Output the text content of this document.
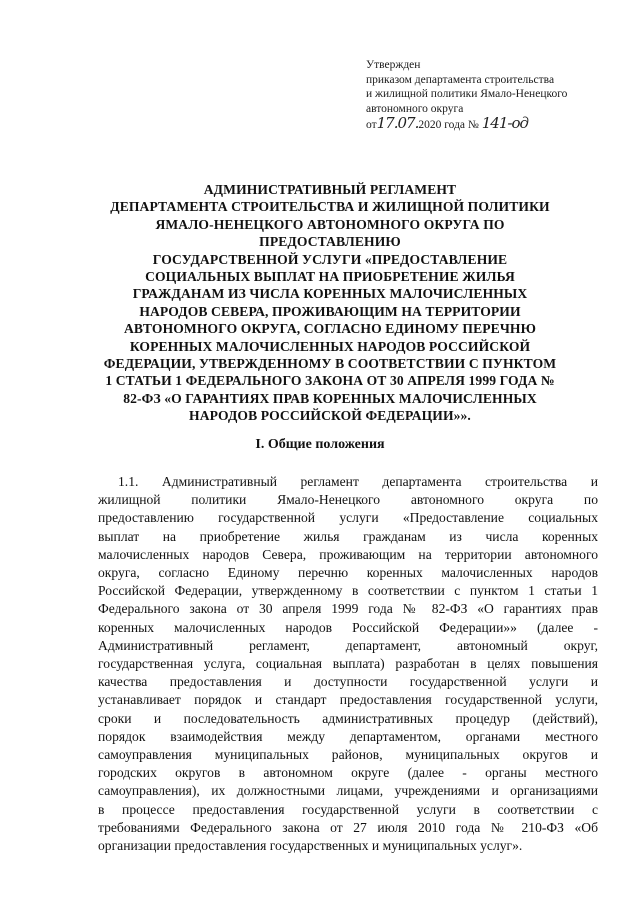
Утвержден
приказом департамента строительства
и жилищной политики Ямало-Ненецкого
автономного округа
от17.07.2020 года № 141-од
АДМИНИСТРАТИВНЫЙ РЕГЛАМЕНТ
ДЕПАРТАМЕНТА СТРОИТЕЛЬСТВА И ЖИЛИЩНОЙ ПОЛИТИКИ
ЯМАЛО-НЕНЕЦКОГО АВТОНОМНОГО ОКРУГА ПО
ПРЕДОСТАВЛЕНИЮ
ГОСУДАРСТВЕННОЙ УСЛУГИ «ПРЕДОСТАВЛЕНИЕ
СОЦИАЛЬНЫХ ВЫПЛАТ НА ПРИОБРЕТЕНИЕ ЖИЛЬЯ
ГРАЖДАНАМ ИЗ ЧИСЛА КОРЕННЫХ МАЛОЧИСЛЕННЫХ
НАРОДОВ СЕВЕРА, ПРОЖИВАЮЩИМ НА ТЕРРИТОРИИ
АВТОНОМНОГО ОКРУГА, СОГЛАСНО ЕДИНОМУ ПЕРЕЧНЮ
КОРЕННЫХ МАЛОЧИСЛЕННЫХ НАРОДОВ РОССИЙСКОЙ
ФЕДЕРАЦИИ, УТВЕРЖДЕННОМУ В СООТВЕТСТВИИ С ПУНКТОМ
1 СТАТЬИ 1 ФЕДЕРАЛЬНОГО ЗАКОНА ОТ 30 АПРЕЛЯ 1999 ГОДА №
82-ФЗ «О ГАРАНТИЯХ ПРАВ КОРЕННЫХ МАЛОЧИСЛЕННЫХ
НАРОДОВ РОССИЙСКОЙ ФЕДЕРАЦИИ»».
I. Общие положения
1.1. Административный регламент департамента строительства и
жилищной политики Ямало-Ненецкого автономного округа по
предоставлению государственной услуги «Предоставление социальных
выплат на приобретение жилья гражданам из числа коренных
малочисленных народов Севера, проживающим на территории автономного
округа, согласно Единому перечню коренных малочисленных народов
Российской Федерации, утвержденному в соответствии с пунктом 1 статьи 1
Федерального закона от 30 апреля 1999 года № 82-ФЗ «О гарантиях прав
коренных малочисленных народов Российской Федерации»» (далее -
Административный регламент, департамент, автономный округ,
государственная услуга, социальная выплата) разработан в целях повышения
качества предоставления и доступности государственной услуги и
устанавливает порядок и стандарт предоставления государственной услуги,
сроки и последовательность административных процедур (действий),
порядок взаимодействия между департаментом, органами местного
самоуправления муниципальных районов, муниципальных округов и
городских округов в автономном округе (далее - органы местного
самоуправления), их должностными лицами, учреждениями и организациями
в процессе предоставления государственной услуги в соответствии с
требованиями Федерального закона от 27 июля 2010 года № 210-ФЗ «Об
организации предоставления государственных и муниципальных услуг».
